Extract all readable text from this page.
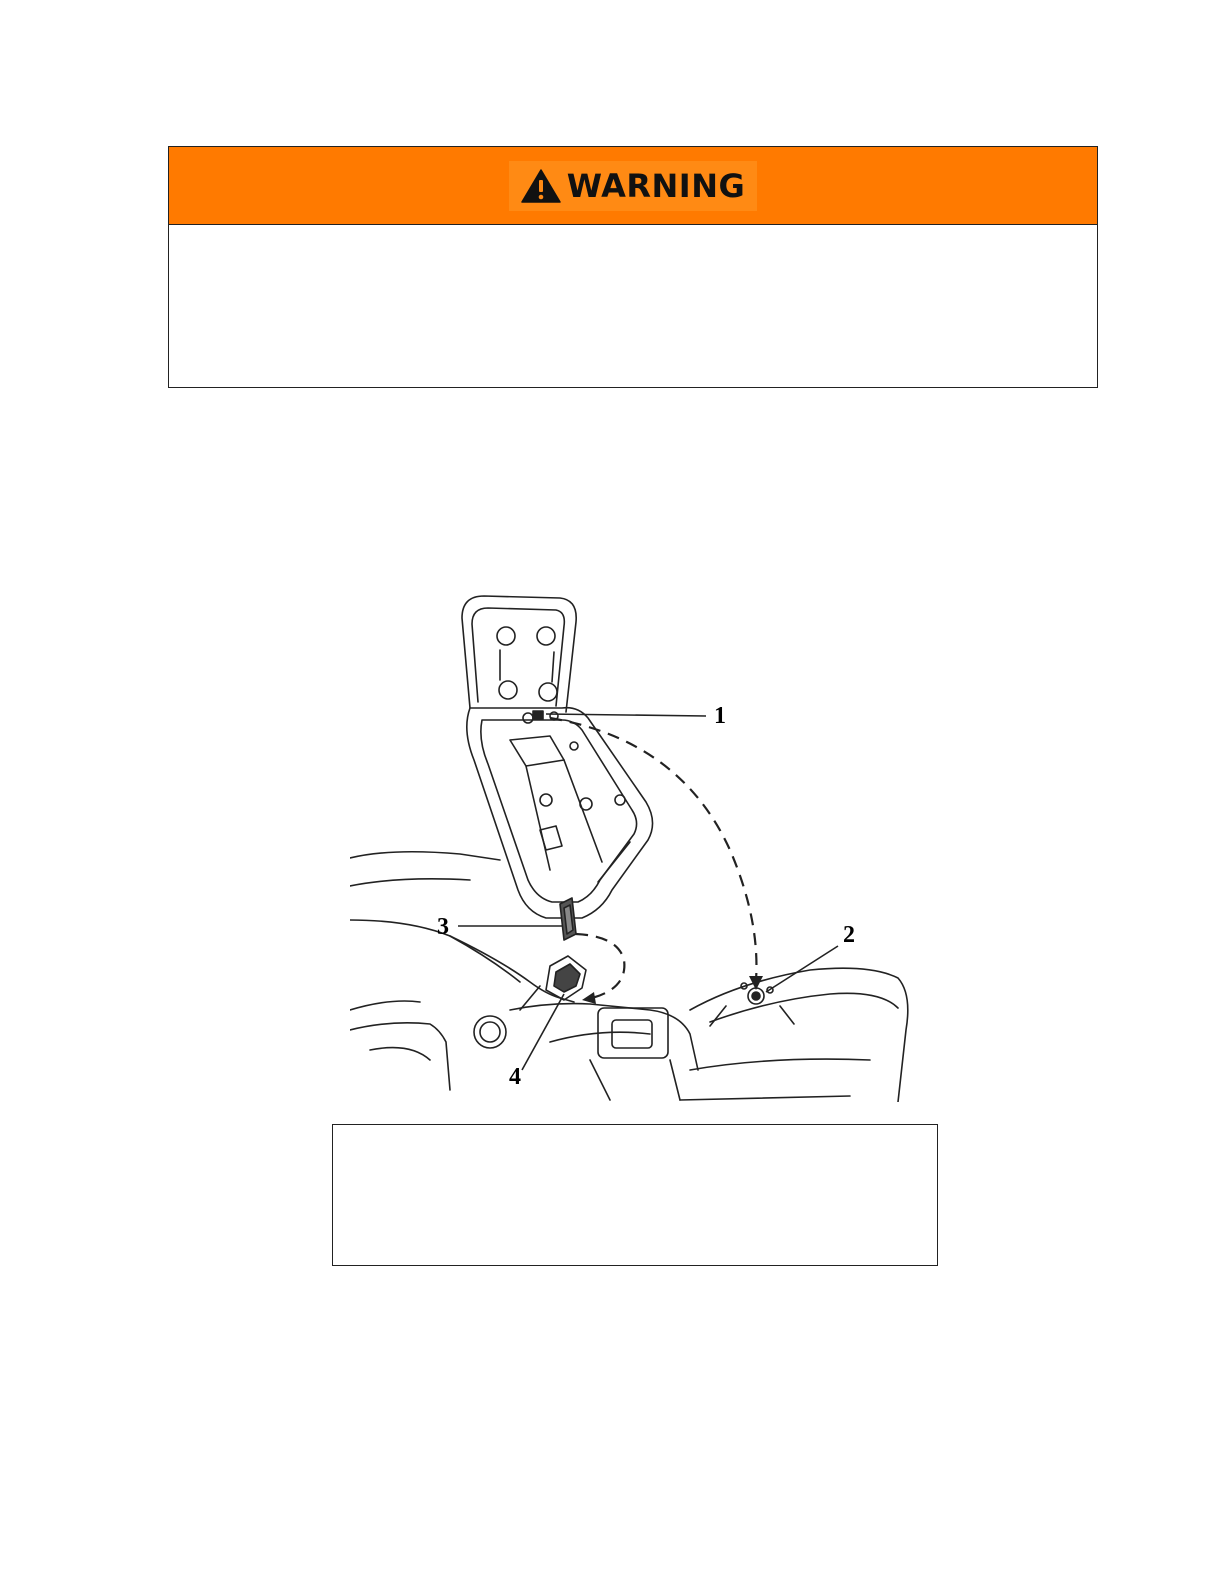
WARNING
1
2
3
4
